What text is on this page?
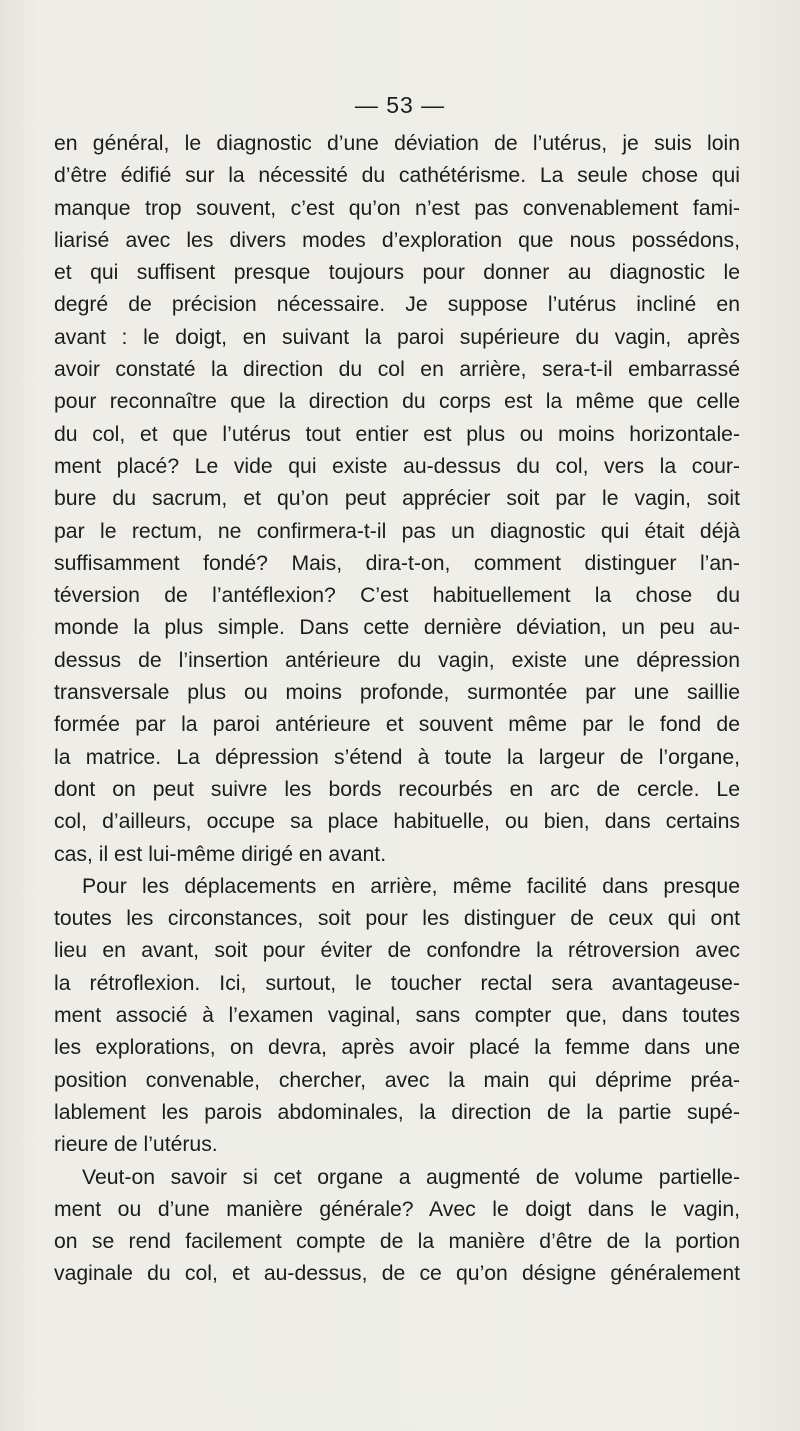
— 53 —
en général, le diagnostic d’une déviation de l’utérus, je suis loin
d’être édifié sur la nécessité du cathétérisme. La seule chose qui
manque trop souvent, c’est qu’on n’est pas convenablement fami-
liarisé avec les divers modes d’exploration que nous possédons,
et qui suffisent presque toujours pour donner au diagnostic le
degré de précision nécessaire. Je suppose l’utérus incliné en
avant : le doigt, en suivant la paroi supérieure du vagin, après
avoir constaté la direction du col en arrière, sera-t-il embarrassé
pour reconnaître que la direction du corps est la même que celle
du col, et que l’utérus tout entier est plus ou moins horizontale-
ment placé? Le vide qui existe au-dessus du col, vers la cour-
bure du sacrum, et qu’on peut apprécier soit par le vagin, soit
par le rectum, ne confirmera-t-il pas un diagnostic qui était déjà
suffisamment fondé? Mais, dira-t-on, comment distinguer l’an-
téversion de l’antéflexion? C’est habituellement la chose du
monde la plus simple. Dans cette dernière déviation, un peu au-
dessus de l’insertion antérieure du vagin, existe une dépression
transversale plus ou moins profonde, surmontée par une saillie
formée par la paroi antérieure et souvent même par le fond de
la matrice. La dépression s’étend à toute la largeur de l’organe,
dont on peut suivre les bords recourbés en arc de cercle. Le
col, d’ailleurs, occupe sa place habituelle, ou bien, dans certains
cas, il est lui-même dirigé en avant.
Pour les déplacements en arrière, même facilité dans presque
toutes les circonstances, soit pour les distinguer de ceux qui ont
lieu en avant, soit pour éviter de confondre la rétroversion avec
la rétroflexion. Ici, surtout, le toucher rectal sera avantageuse-
ment associé à l’examen vaginal, sans compter que, dans toutes
les explorations, on devra, après avoir placé la femme dans une
position convenable, chercher, avec la main qui déprime préa-
lablement les parois abdominales, la direction de la partie supé-
rieure de l’utérus.
Veut-on savoir si cet organe a augmenté de volume partielle-
ment ou d’une manière générale? Avec le doigt dans le vagin,
on se rend facilement compte de la manière d’être de la portion
vaginale du col, et au-dessus, de ce qu’on désigne généralement
